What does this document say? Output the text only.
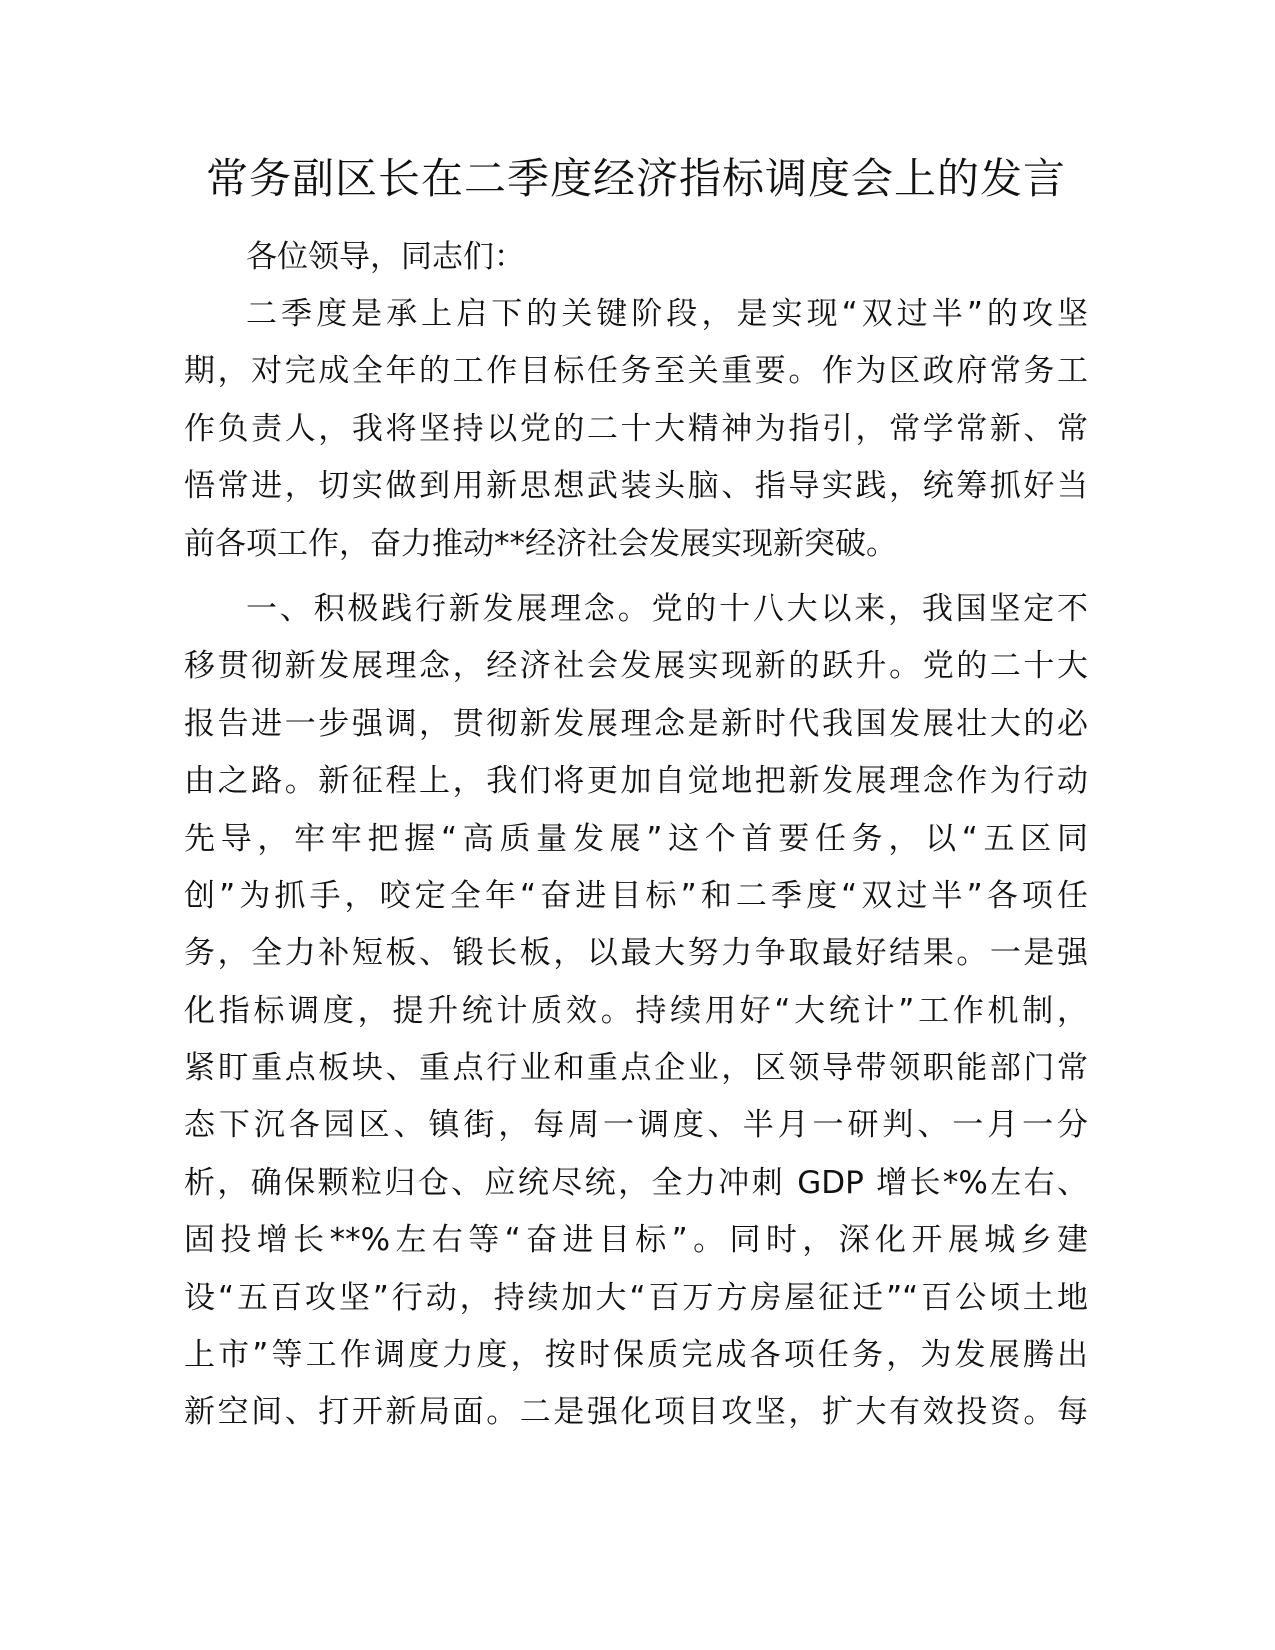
常务副区长在二季度经济指标调度会上的发言

各位领导，同志们：

二季度是承上启下的关键阶段，是实现“双过半”的攻坚
期，对完成全年的工作目标任务至关重要。作为区政府常务工
作负责人，我将坚持以党的二十大精神为指引，常学常新、常
悟常进，切实做到用新思想武装头脑、指导实践，统筹抓好当
前各项工作，奋力推动**经济社会发展实现新突破。
一、积极践行新发展理念。党的十八大以来，我国坚定不
移贯彻新发展理念，经济社会发展实现新的跃升。党的二十大
报告进一步强调，贯彻新发展理念是新时代我国发展壮大的必
由之路。新征程上，我们将更加自觉地把新发展理念作为行动
先导，牢牢把握“高质量发展”这个首要任务，以“五区同
创”为抓手，咬定全年“奋进目标”和二季度“双过半”各项任
务，全力补短板、锻长板，以最大努力争取最好结果。一是强
化指标调度，提升统计质效。持续用好“大统计”工作机制，
紧盯重点板块、重点行业和重点企业，区领导带领职能部门常
态下沉各园区、镇街，每周一调度、半月一研判、一月一分
析，确保颗粒归仓、应统尽统，全力冲刺 GDP 增长*%左右、
固投增长**%左右等“奋进目标”。同时，深化开展城乡建
设“五百攻坚”行动，持续加大“百万方房屋征迁”“百公顷土地
上市”等工作调度力度，按时保质完成各项任务，为发展腾出
新空间、打开新局面。二是强化项目攻坚，扩大有效投资。每
